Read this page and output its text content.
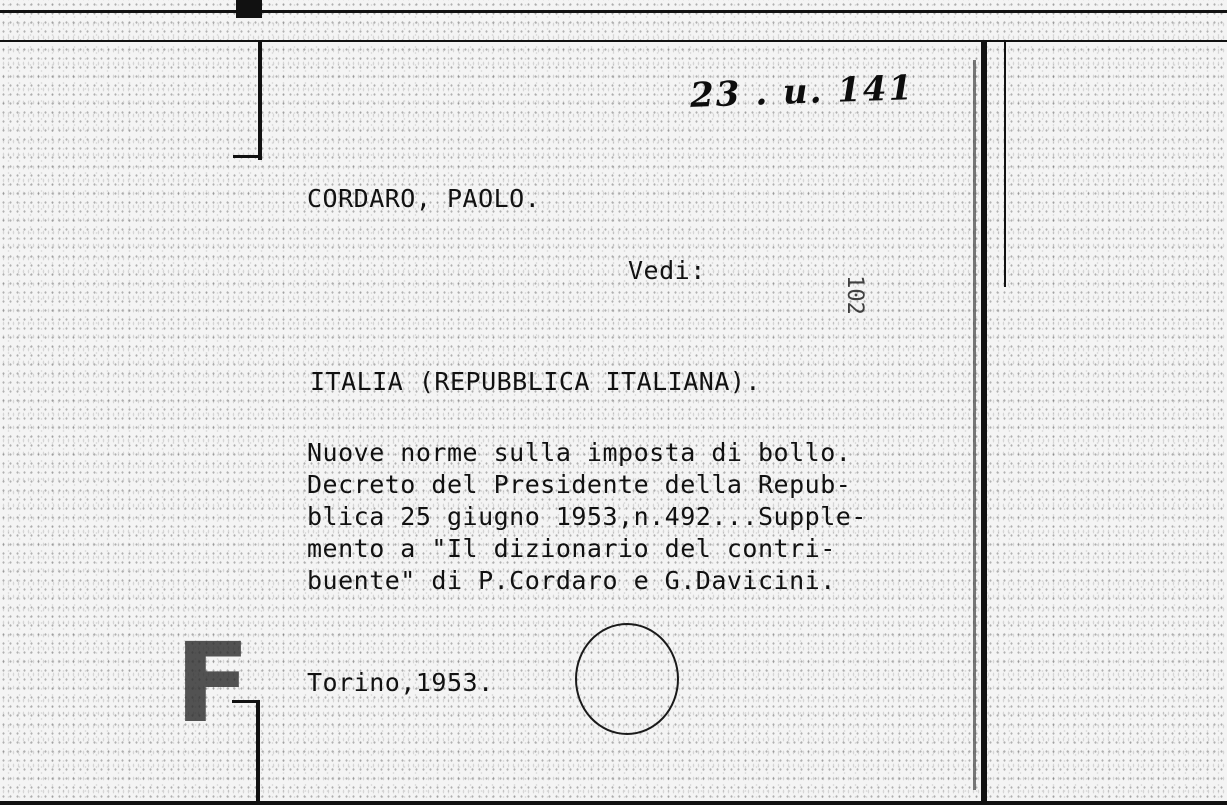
23 . u. 141
CORDARO, PAOLO.
Vedi:
102
ITALIA (REPUBBLICA ITALIANA).
Nuove norme sulla imposta di bollo.
Decreto del Presidente della Repub-
blica 25 giugno 1953,n.492...Supple-
mento a "Il dizionario del contri-
buente" di P.Cordaro e G.Davicini.
Torino,1953.
F
